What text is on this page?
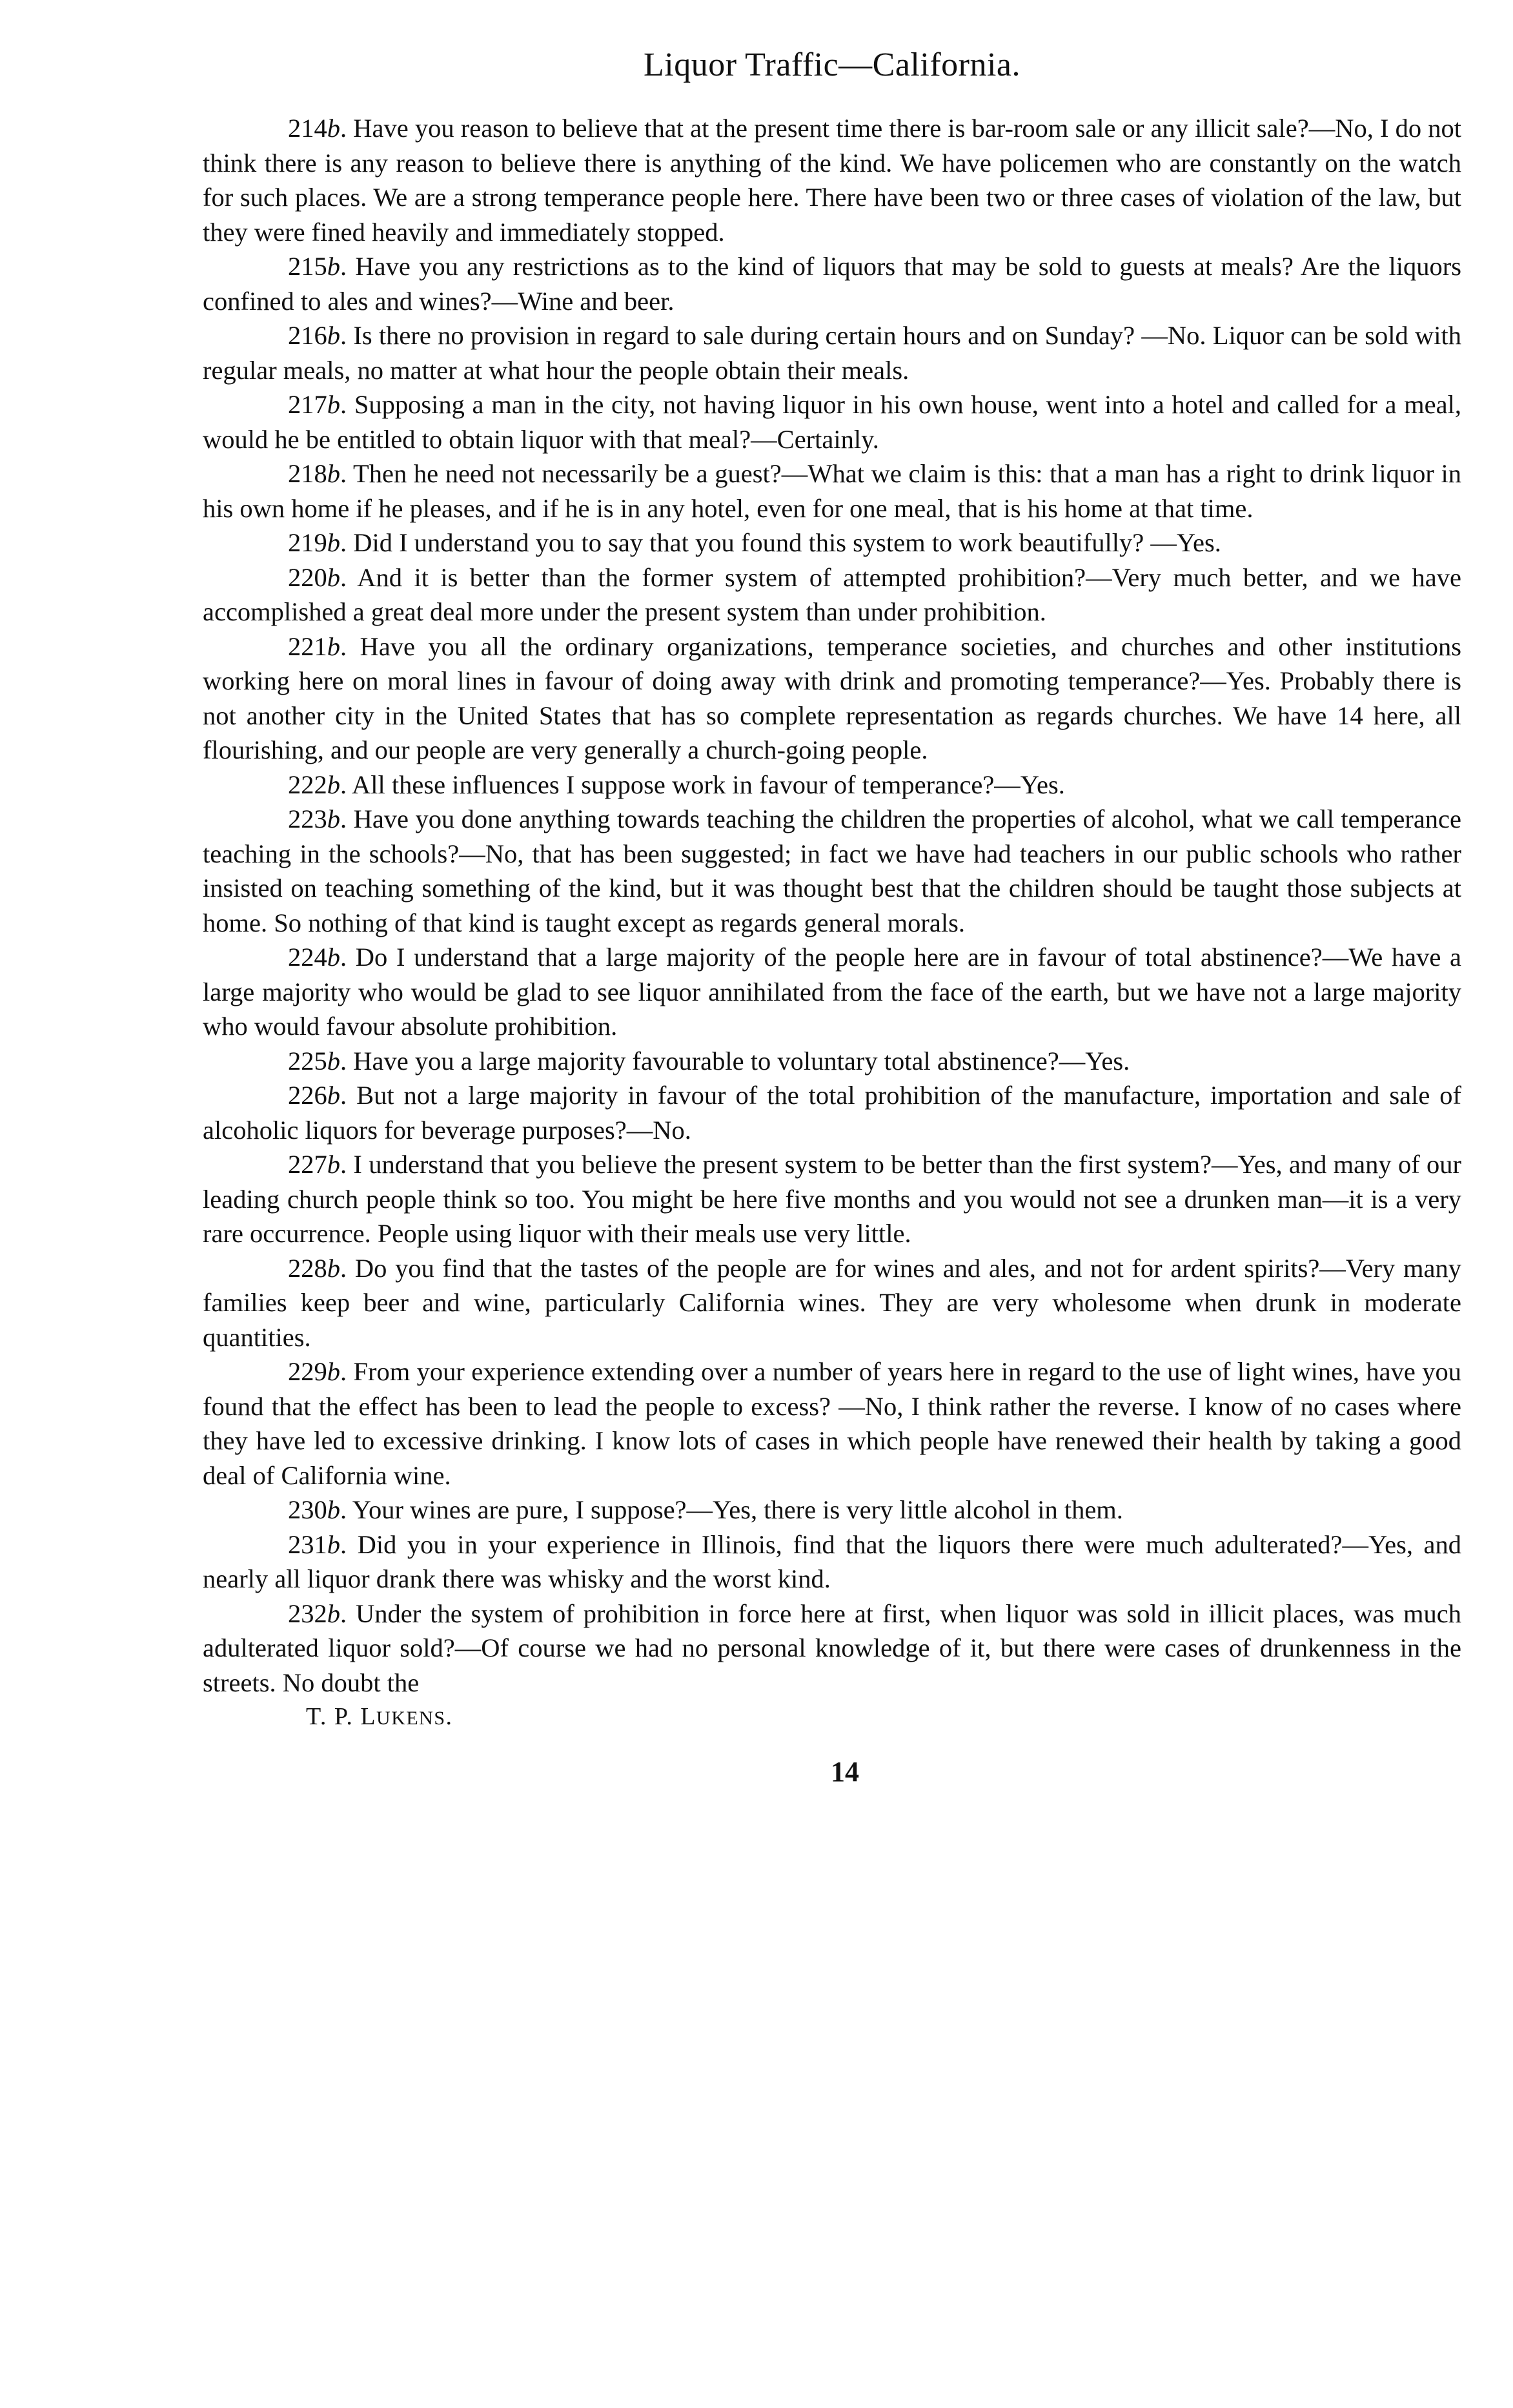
Liquor Traffic—California.

214b. Have you reason to believe that at the present time there is bar-room sale or any illicit sale?—No, I do not think there is any reason to believe there is anything of the kind. We have policemen who are constantly on the watch for such places. We are a strong temperance people here. There have been two or three cases of violation of the law, but they were fined heavily and immediately stopped.

215b. Have you any restrictions as to the kind of liquors that may be sold to guests at meals? Are the liquors confined to ales and wines?—Wine and beer.

216b. Is there no provision in regard to sale during certain hours and on Sunday? —No. Liquor can be sold with regular meals, no matter at what hour the people obtain their meals.

217b. Supposing a man in the city, not having liquor in his own house, went into a hotel and called for a meal, would he be entitled to obtain liquor with that meal?—Certainly.

218b. Then he need not necessarily be a guest?—What we claim is this: that a man has a right to drink liquor in his own home if he pleases, and if he is in any hotel, even for one meal, that is his home at that time.

219b. Did I understand you to say that you found this system to work beautifully? —Yes.

220b. And it is better than the former system of attempted prohibition?—Very much better, and we have accomplished a great deal more under the present system than under prohibition.

221b. Have you all the ordinary organizations, temperance societies, and churches and other institutions working here on moral lines in favour of doing away with drink and promoting temperance?—Yes. Probably there is not another city in the United States that has so complete representation as regards churches. We have 14 here, all flourishing, and our people are very generally a church-going people.

222b. All these influences I suppose work in favour of temperance?—Yes.

223b. Have you done anything towards teaching the children the properties of alcohol, what we call temperance teaching in the schools?—No, that has been suggested; in fact we have had teachers in our public schools who rather insisted on teaching something of the kind, but it was thought best that the children should be taught those subjects at home. So nothing of that kind is taught except as regards general morals.

224b. Do I understand that a large majority of the people here are in favour of total abstinence?—We have a large majority who would be glad to see liquor annihilated from the face of the earth, but we have not a large majority who would favour absolute prohibition.

225b. Have you a large majority favourable to voluntary total abstinence?—Yes.

226b. But not a large majority in favour of the total prohibition of the manufacture, importation and sale of alcoholic liquors for beverage purposes?—No.

227b. I understand that you believe the present system to be better than the first system?—Yes, and many of our leading church people think so too. You might be here five months and you would not see a drunken man—it is a very rare occurrence. People using liquor with their meals use very little.

228b. Do you find that the tastes of the people are for wines and ales, and not for ardent spirits?—Very many families keep beer and wine, particularly California wines. They are very wholesome when drunk in moderate quantities.

229b. From your experience extending over a number of years here in regard to the use of light wines, have you found that the effect has been to lead the people to excess? —No, I think rather the reverse. I know of no cases where they have led to excessive drinking. I know lots of cases in which people have renewed their health by taking a good deal of California wine.

230b. Your wines are pure, I suppose?—Yes, there is very little alcohol in them.

231b. Did you in your experience in Illinois, find that the liquors there were much adulterated?—Yes, and nearly all liquor drank there was whisky and the worst kind.

232b. Under the system of prohibition in force here at first, when liquor was sold in illicit places, was much adulterated liquor sold?—Of course we had no personal knowledge of it, but there were cases of drunkenness in the streets. No doubt the

T. P. LUKENS.

14
